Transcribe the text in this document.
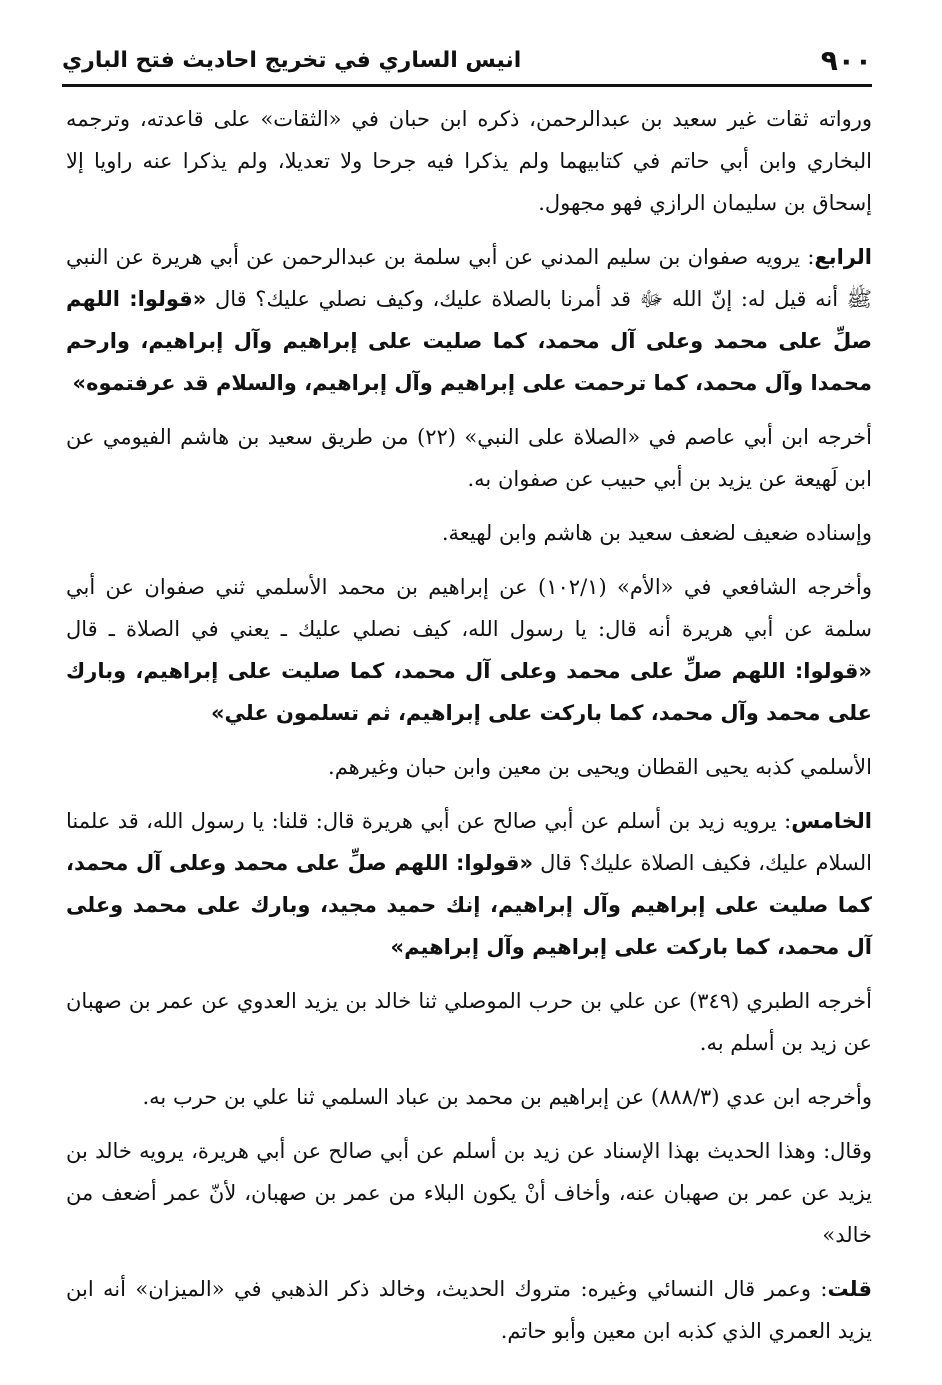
٩٠٠
انيس الساري في تخريج احاديث فتح الباري

ورواته ثقات غير سعيد بن عبدالرحمن، ذكره ابن حبان في «الثقات» على قاعدته، وترجمه البخاري وابن أبي حاتم في كتابيهما ولم يذكرا فيه جرحا ولا تعديلا، ولم يذكرا عنه راويا إلا إسحاق بن سليمان الرازي فهو مجهول.

الرابع: يرويه صفوان بن سليم المدني عن أبي سلمة بن عبدالرحمن عن أبي هريرة عن النبي ﷺ أنه قيل له: إنّ الله ﷻ قد أمرنا بالصلاة عليك، وكيف نصلي عليك؟ قال «قولوا: اللهم صلِّ على محمد وعلى آل محمد، كما صليت على إبراهيم وآل إبراهيم، وارحم محمدا وآل محمد، كما ترحمت على إبراهيم وآل إبراهيم، والسلام قد عرفتموه»

أخرجه ابن أبي عاصم في «الصلاة على النبي» (٢٢) من طريق سعيد بن هاشم الفيومي عن ابن لَهيعة عن يزيد بن أبي حبيب عن صفوان به.

وإسناده ضعيف لضعف سعيد بن هاشم وابن لهيعة.

وأخرجه الشافعي في «الأم» (١٠٢/١) عن إبراهيم بن محمد الأسلمي ثني صفوان عن أبي سلمة عن أبي هريرة أنه قال: يا رسول الله، كيف نصلي عليك ـ يعني في الصلاة ـ قال «قولوا: اللهم صلِّ على محمد وعلى آل محمد، كما صليت على إبراهيم، وبارك على محمد وآل محمد، كما باركت على إبراهيم، ثم تسلمون علي»

الأسلمي كذبه يحيى القطان ويحيى بن معين وابن حبان وغيرهم.

الخامس: يرويه زيد بن أسلم عن أبي صالح عن أبي هريرة قال: قلنا: يا رسول الله، قد علمنا السلام عليك، فكيف الصلاة عليك؟ قال «قولوا: اللهم صلِّ على محمد وعلى آل محمد، كما صليت على إبراهيم وآل إبراهيم، إنك حميد مجيد، وبارك على محمد وعلى آل محمد، كما باركت على إبراهيم وآل إبراهيم»

أخرجه الطبري (٣٤٩) عن علي بن حرب الموصلي ثنا خالد بن يزيد العدوي عن عمر بن صهبان عن زيد بن أسلم به.

وأخرجه ابن عدي (٨٨٨/٣) عن إبراهيم بن محمد بن عباد السلمي ثنا علي بن حرب به.

وقال: وهذا الحديث بهذا الإسناد عن زيد بن أسلم عن أبي صالح عن أبي هريرة، يرويه خالد بن يزيد عن عمر بن صهبان عنه، وأخاف أنْ يكون البلاء من عمر بن صهبان، لأنّ عمر أضعف من خالد»

قلت: وعمر قال النسائي وغيره: متروك الحديث، وخالد ذكر الذهبي في «الميزان» أنه ابن يزيد العمري الذي كذبه ابن معين وأبو حاتم.
